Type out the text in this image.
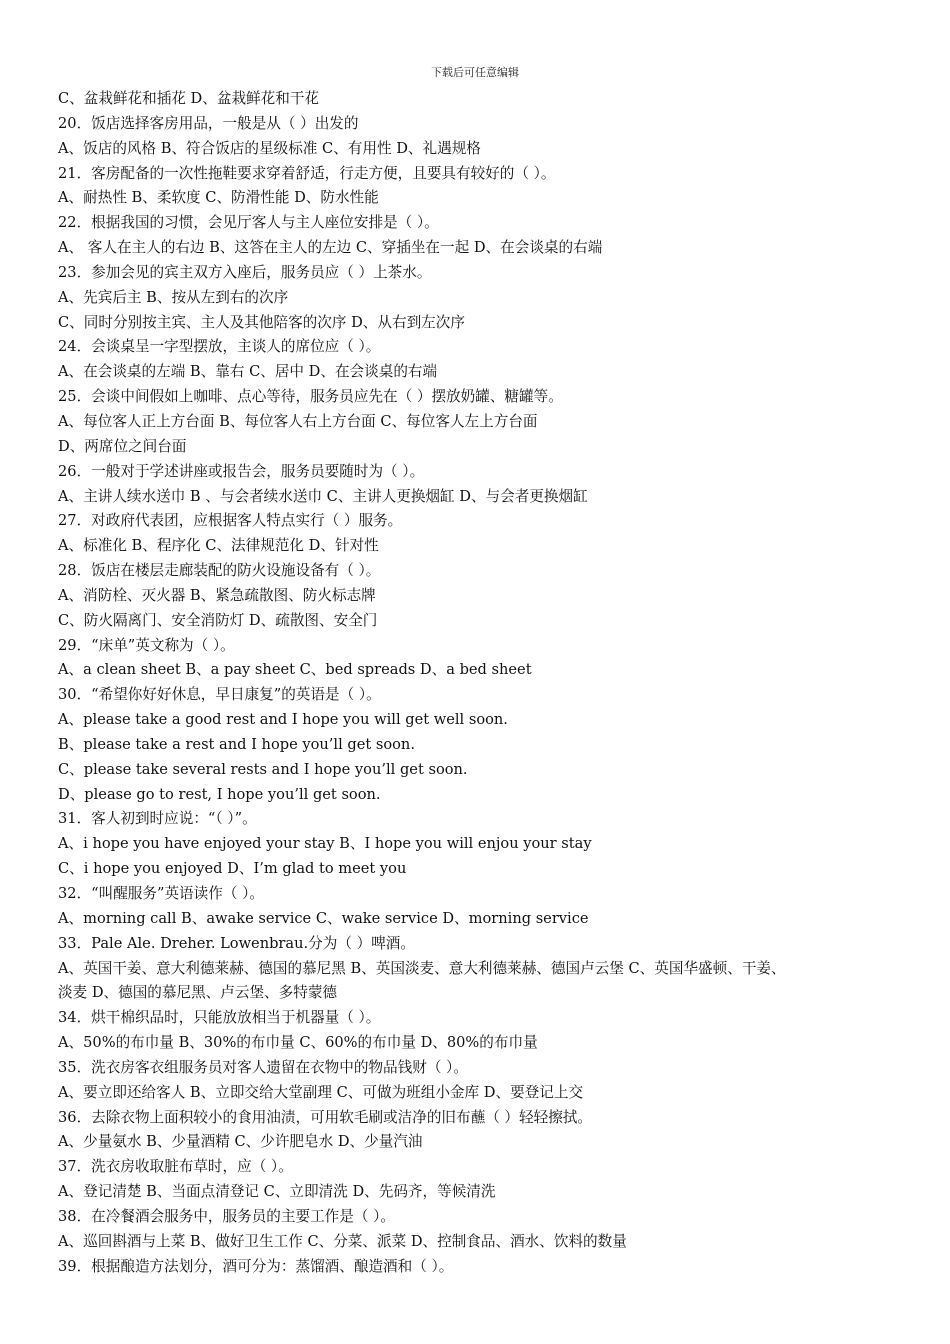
下载后可任意编辑
C、盆栽鲜花和插花 D、盆栽鲜花和干花
20．饭店选择客房用品，一般是从（ ）出发的
A、饭店的风格 B、符合饭店的星级标准 C、有用性 D、礼遇规格
21．客房配备的一次性拖鞋要求穿着舒适，行走方便，且要具有较好的（ ）。
A、耐热性 B、柔软度 C、防滑性能 D、防水性能
22．根据我国的习惯，会见厅客人与主人座位安排是（ ）。
A、 客人在主人的右边 B、这答在主人的左边 C、穿插坐在一起 D、在会谈桌的右端
23．参加会见的宾主双方入座后，服务员应（ ）上茶水。
A、先宾后主 B、按从左到右的次序
C、同时分别按主宾、主人及其他陪客的次序 D、从右到左次序
24．会谈桌呈一字型摆放，主谈人的席位应（ ）。
A、在会谈桌的左端 B、靠右 C、居中 D、在会谈桌的右端
25．会谈中间假如上咖啡、点心等待，服务员应先在（ ）摆放奶罐、糖罐等。
A、每位客人正上方台面 B、每位客人右上方台面 C、每位客人左上方台面
D、两席位之间台面
26．一般对于学述讲座或报告会，服务员要随时为（ ）。
A、主讲人续水送巾 B 、与会者续水送巾 C、主讲人更换烟缸 D、与会者更换烟缸
27．对政府代表团，应根据客人特点实行（ ）服务。
A、标准化 B、程序化 C、法律规范化 D、针对性
28．饭店在楼层走廊装配的防火设施设备有（ ）。
A、消防栓、灭火器 B、紧急疏散图、防火标志牌
C、防火隔离门、安全消防灯 D、疏散图、安全门
29．“床单”英文称为（ ）。
A、a clean sheet B、a pay sheet C、bed spreads D、a bed sheet
30．“希望你好好休息，早日康复”的英语是（ ）。
A、please take a good rest and I hope you will get well soon.
B、please take a rest and I hope you’ll get soon.
C、please take several rests and I hope you’ll get soon.
D、please go to rest, I hope you’ll get soon.
31．客人初到时应说：“（ ）”。
A、i hope you have enjoyed your stay B、I hope you will enjou your stay
C、i hope you enjoyed D、I’m glad to meet you
32．“叫醒服务”英语读作（ ）。
A、morning call B、awake service C、wake service D、morning service
33．Pale Ale. Dreher. Lowenbrau.分为（ ）啤酒。
A、英国干姜、意大利德莱赫、德国的慕尼黑 B、英国淡麦、意大利德莱赫、德国卢云堡 C、英国华盛顿、干姜、
淡麦 D、德国的慕尼黑、卢云堡、多特蒙德
34．烘干棉织品时，只能放放相当于机器量（ ）。
A、50%的布巾量 B、30%的布巾量 C、60%的布巾量 D、80%的布巾量
35．洗衣房客衣组服务员对客人遗留在衣物中的物品钱财（ ）。
A、要立即还给客人 B、立即交给大堂副理 C、可做为班组小金库 D、要登记上交
36．去除衣物上面积较小的食用油渍，可用软毛刷或洁净的旧布蘸（ ）轻轻擦拭。
A、少量氨水 B、少量酒精 C、少许肥皂水 D、少量汽油
37．洗衣房收取脏布草时，应（ ）。
A、登记清楚 B、当面点清登记 C、立即清洗 D、先码齐，等候清洗
38．在冷餐酒会服务中，服务员的主要工作是（ ）。
A、巡回斟酒与上菜 B、做好卫生工作 C、分菜、派菜 D、控制食品、酒水、饮料的数量
39．根据酿造方法划分，酒可分为：蒸馏酒、酿造酒和（ ）。
